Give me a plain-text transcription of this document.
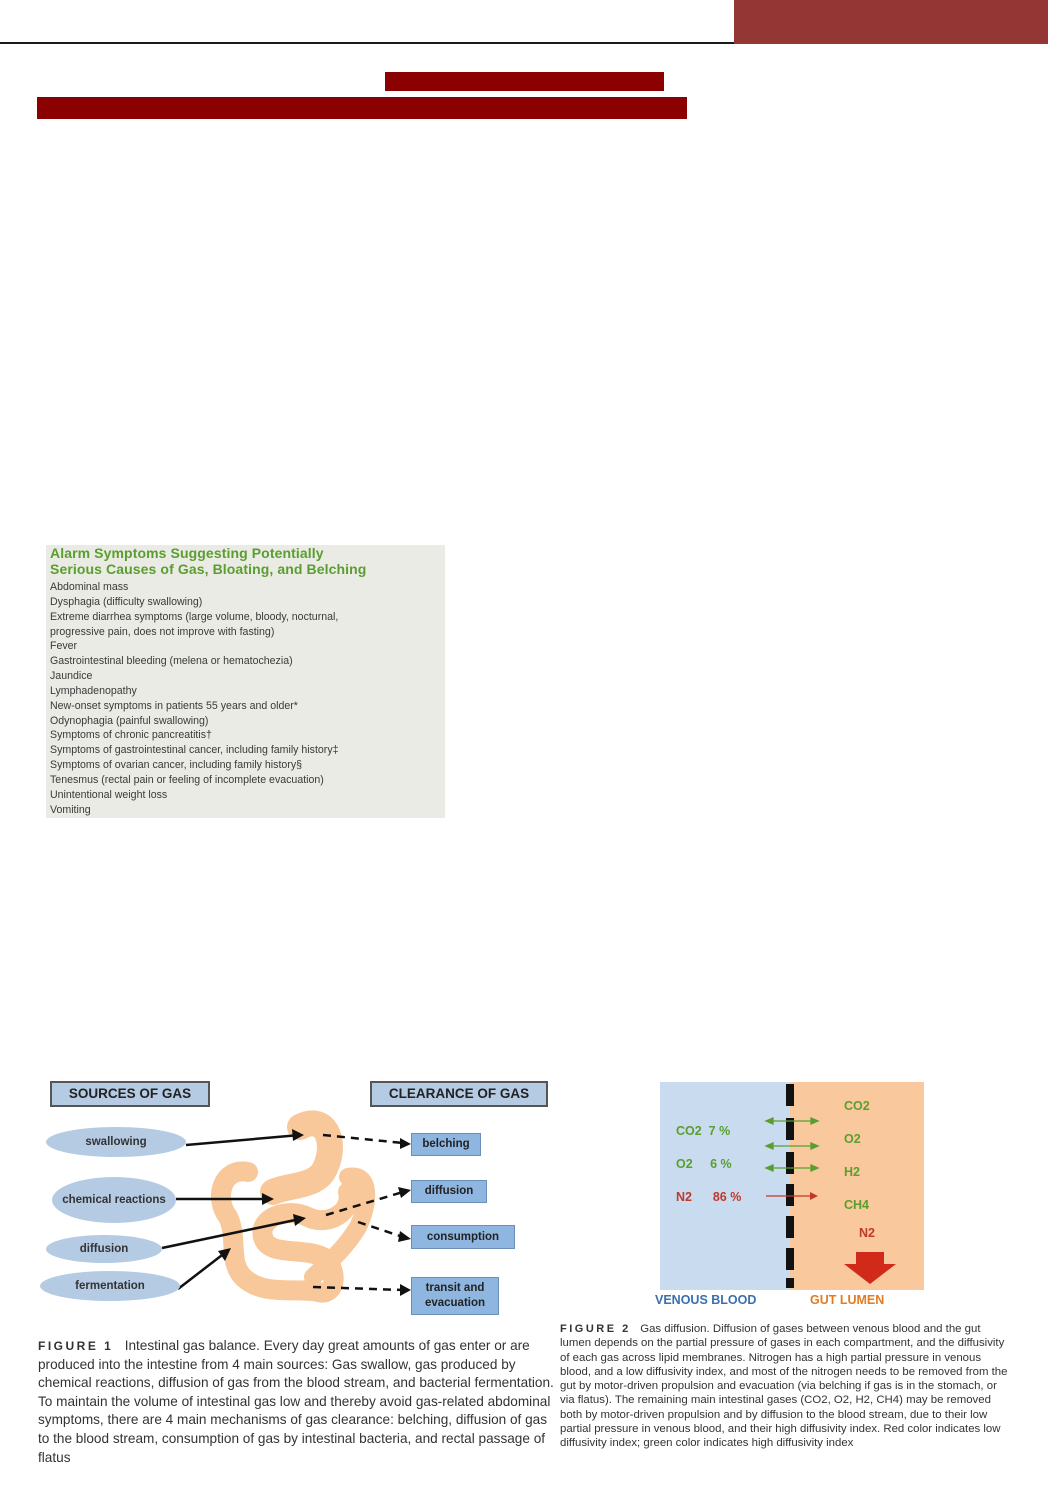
Alarm Symptoms Suggesting Potentially
Serious Causes of Gas, Bloating, and Belching
Abdominal mass
Dysphagia (difficulty swallowing)
Extreme diarrhea symptoms (large volume, bloody, nocturnal,
progressive pain, does not improve with fasting)
Fever
Gastrointestinal bleeding (melena or hematochezia)
Jaundice
Lymphadenopathy
New-onset symptoms in patients 55 years and older*
Odynophagia (painful swallowing)
Symptoms of chronic pancreatitis†
Symptoms of gastrointestinal cancer, including family history‡
Symptoms of ovarian cancer, including family history§
Tenesmus (rectal pain or feeling of incomplete evacuation)
Unintentional weight loss
Vomiting
SOURCES OF GAS	CLEARANCE OF GAS
swallowing
chemical reactions
diffusion
fermentation
belching
diffusion
consumption
transit and evacuation
FIGURE 1 Intestinal gas balance. Every day great amounts of gas enter or are produced into the intestine from 4 main sources: Gas swallow, gas produced by chemical reactions, diffusion of gas from the blood stream, and bacterial fermentation. To maintain the volume of intestinal gas low and thereby avoid gas-related abdominal symptoms, there are 4 main mechanisms of gas clearance: belching, diffusion of gas to the blood stream, consumption of gas by intestinal bacteria, and rectal passage of flatus
CO2 7 %
O2 6 %
N2 86 %
CO2
O2
H2
CH4
N2
VENOUS BLOOD	GUT LUMEN
FIGURE 2 Gas diffusion. Diffusion of gases between venous blood and the gut lumen depends on the partial pressure of gases in each compartment, and the diffusivity of each gas across lipid membranes. Nitrogen has a high partial pressure in venous blood, and a low diffusivity index, and most of the nitrogen needs to be removed from the gut by motor-driven propulsion and evacuation (via belching if gas is in the stomach, or via flatus). The remaining main intestinal gases (CO2, O2, H2, CH4) may be removed both by motor-driven propulsion and by diffusion to the blood stream, due to their low partial pressure in venous blood, and their high diffusivity index. Red color indicates low diffusivity index; green color indicates high diffusivity index
